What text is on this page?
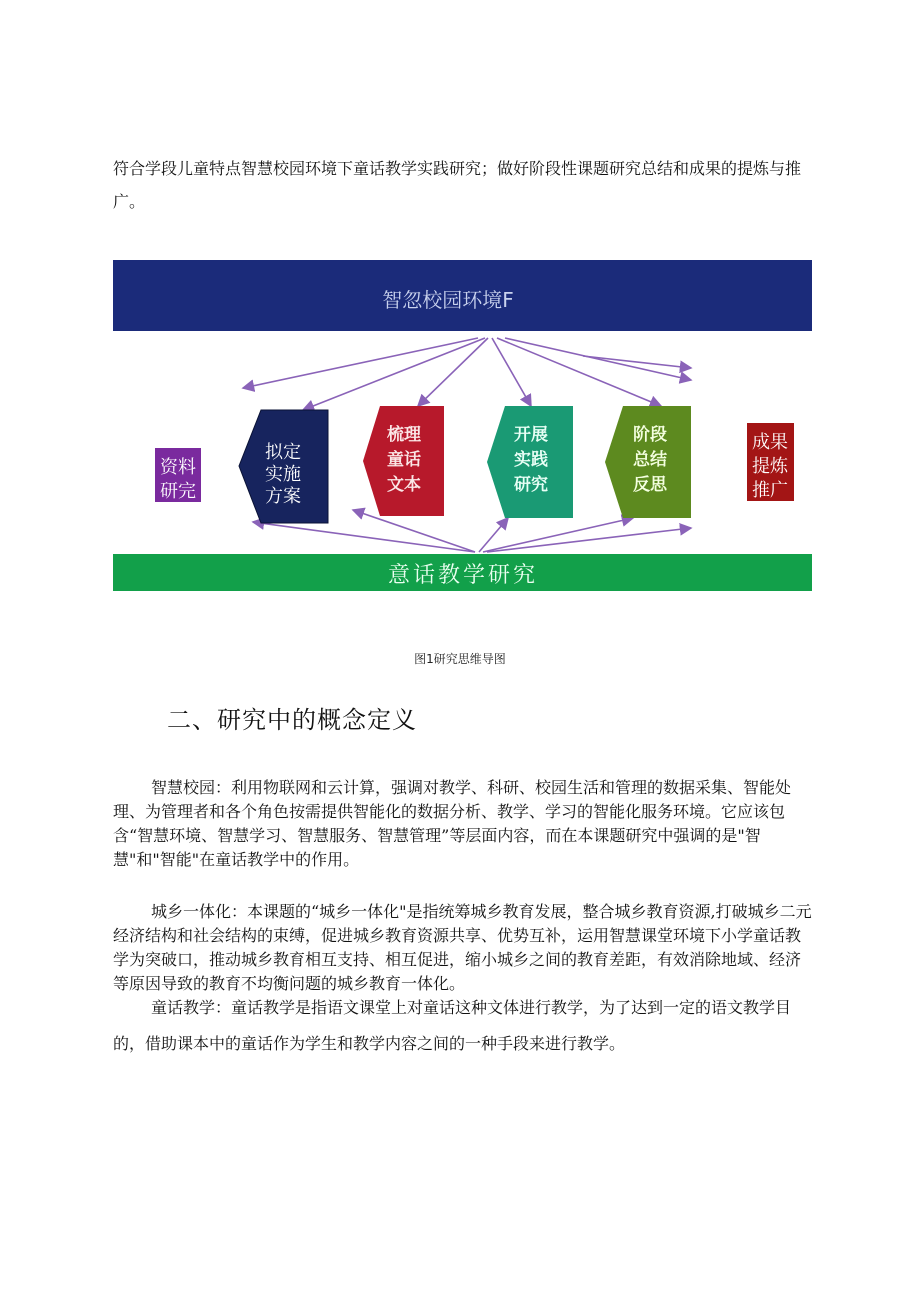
符合学段儿童特点智慧校园环境下童话教学实践研究；做好阶段性课题研究总结和成果的提炼与推广。

智忽校园环境F
拟定
实施
方案
梳理
童话
文本
开展
实践
研究
阶段
总结
反思
资料
研完
成果
提炼
推广
意话教学研究
图1研究思维导图
二、研究中的概念定义

智慧校园：利用物联网和云计算，强调对教学、科研、校园生活和管理的数据采集、智能处理、为管理者和各个角色按需提供智能化的数据分析、教学、学习的智能化服务环境。它应该包含“智慧环境、智慧学习、智慧服务、智慧管理”等层面内容，而在本课题研究中强调的是"智慧"和"智能"在童话教学中的作用。

城乡一体化：本课题的“城乡一体化"是指统筹城乡教育发展，整合城乡教育资源,打破城乡二元经济结构和社会结构的束缚，促进城乡教育资源共享、优势互补，运用智慧课堂环境下小学童话教学为突破口，推动城乡教育相互支持、相互促进，缩小城乡之间的教育差距，有效消除地域、经济等原因导致的教育不均衡问题的城乡教育一体化。

童话教学：童话教学是指语文课堂上对童话这种文体进行教学，为了达到一定的语文教学目的，借助课本中的童话作为学生和教学内容之间的一种手段来进行教学。
